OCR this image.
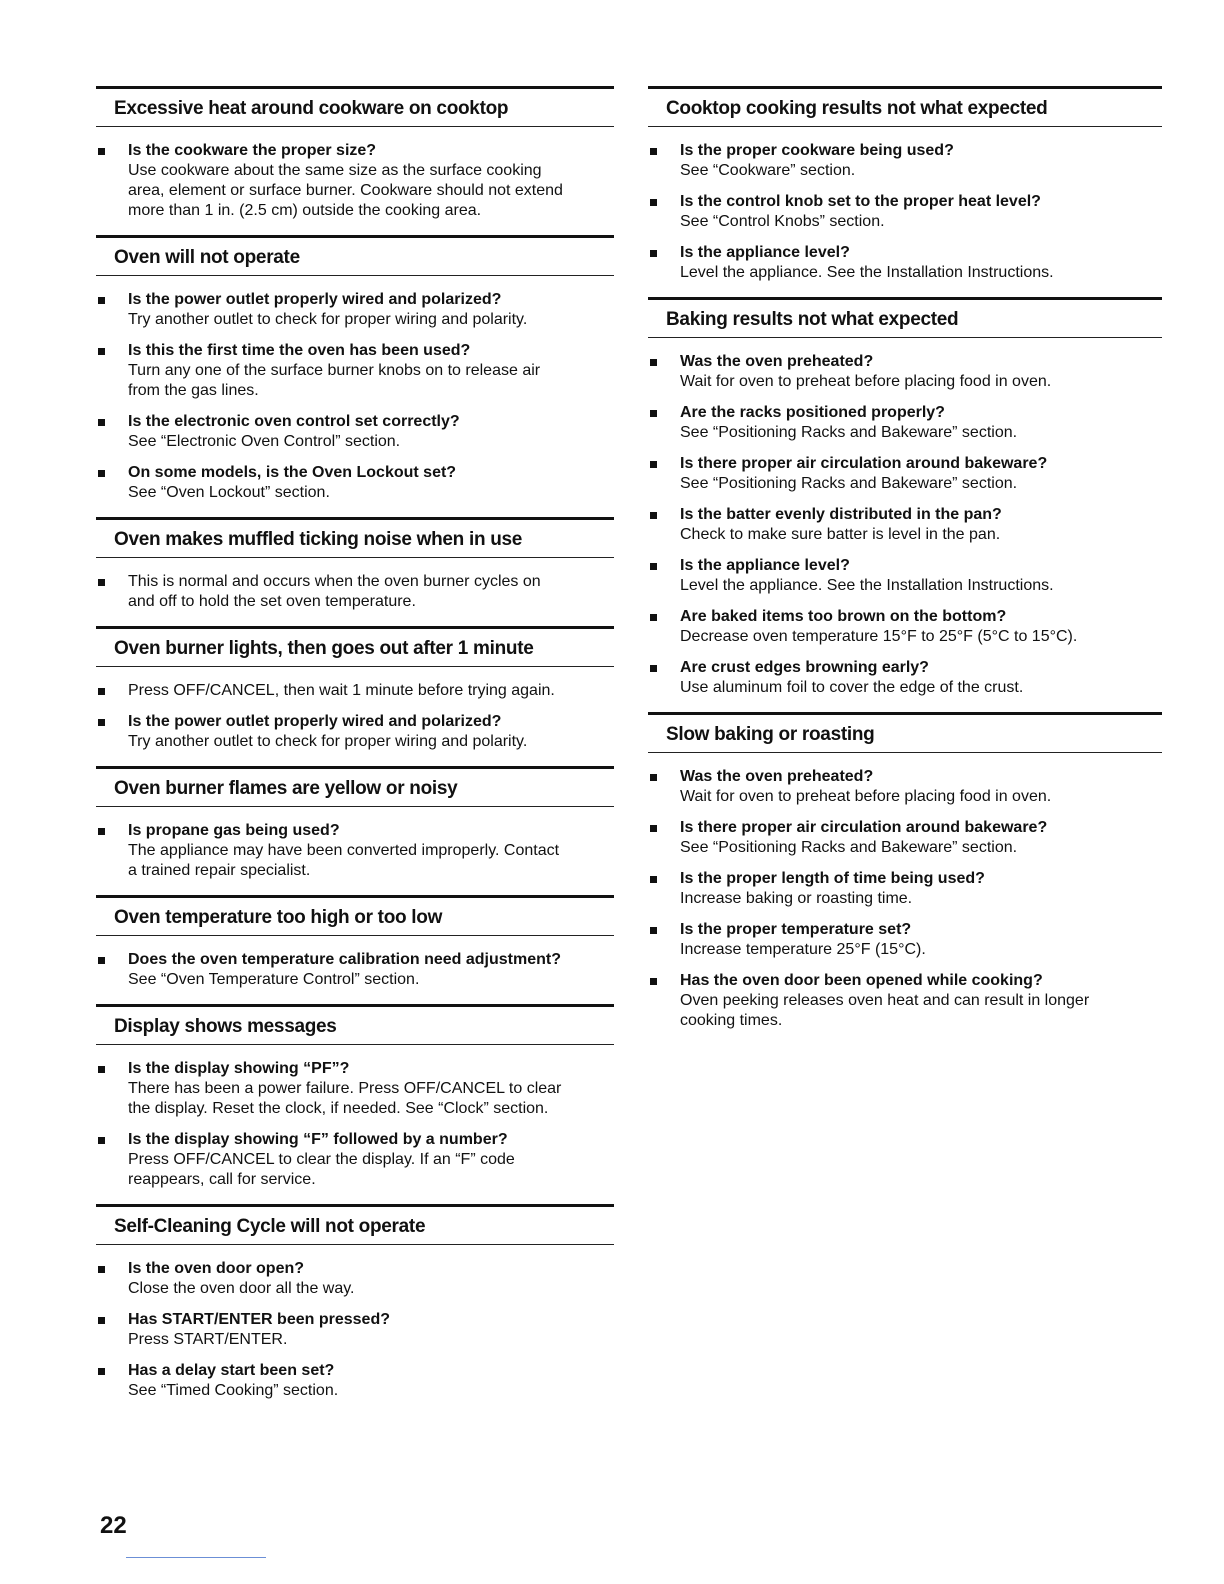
Excessive heat around cookware on cooktop
Is the cookware the proper size?
Use cookware about the same size as the surface cooking
area, element or surface burner. Cookware should not extend
more than 1 in. (2.5 cm) outside the cooking area.
Oven will not operate
Is the power outlet properly wired and polarized?
Try another outlet to check for proper wiring and polarity.
Is this the first time the oven has been used?
Turn any one of the surface burner knobs on to release air
from the gas lines.
Is the electronic oven control set correctly?
See “Electronic Oven Control” section.
On some models, is the Oven Lockout set?
See “Oven Lockout” section.
Oven makes muffled ticking noise when in use
This is normal and occurs when the oven burner cycles on
and off to hold the set oven temperature.
Oven burner lights, then goes out after 1 minute
Press OFF/CANCEL, then wait 1 minute before trying again.
Is the power outlet properly wired and polarized?
Try another outlet to check for proper wiring and polarity.
Oven burner flames are yellow or noisy
Is propane gas being used?
The appliance may have been converted improperly. Contact
a trained repair specialist.
Oven temperature too high or too low
Does the oven temperature calibration need adjustment?
See “Oven Temperature Control” section.
Display shows messages
Is the display showing “PF”?
There has been a power failure. Press OFF/CANCEL to clear
the display. Reset the clock, if needed. See “Clock” section.
Is the display showing “F” followed by a number?
Press OFF/CANCEL to clear the display. If an “F” code
reappears, call for service.
Self-Cleaning Cycle will not operate
Is the oven door open?
Close the oven door all the way.
Has START/ENTER been pressed?
Press START/ENTER.
Has a delay start been set?
See “Timed Cooking” section.
Cooktop cooking results not what expected
Is the proper cookware being used?
See “Cookware” section.
Is the control knob set to the proper heat level?
See “Control Knobs” section.
Is the appliance level?
Level the appliance. See the Installation Instructions.
Baking results not what expected
Was the oven preheated?
Wait for oven to preheat before placing food in oven.
Are the racks positioned properly?
See “Positioning Racks and Bakeware” section.
Is there proper air circulation around bakeware?
See “Positioning Racks and Bakeware” section.
Is the batter evenly distributed in the pan?
Check to make sure batter is level in the pan.
Is the appliance level?
Level the appliance. See the Installation Instructions.
Are baked items too brown on the bottom?
Decrease oven temperature 15°F to 25°F (5°C to 15°C).
Are crust edges browning early?
Use aluminum foil to cover the edge of the crust.
Slow baking or roasting
Was the oven preheated?
Wait for oven to preheat before placing food in oven.
Is there proper air circulation around bakeware?
See “Positioning Racks and Bakeware” section.
Is the proper length of time being used?
Increase baking or roasting time.
Is the proper temperature set?
Increase temperature 25°F (15°C).
Has the oven door been opened while cooking?
Oven peeking releases oven heat and can result in longer
cooking times.
22
